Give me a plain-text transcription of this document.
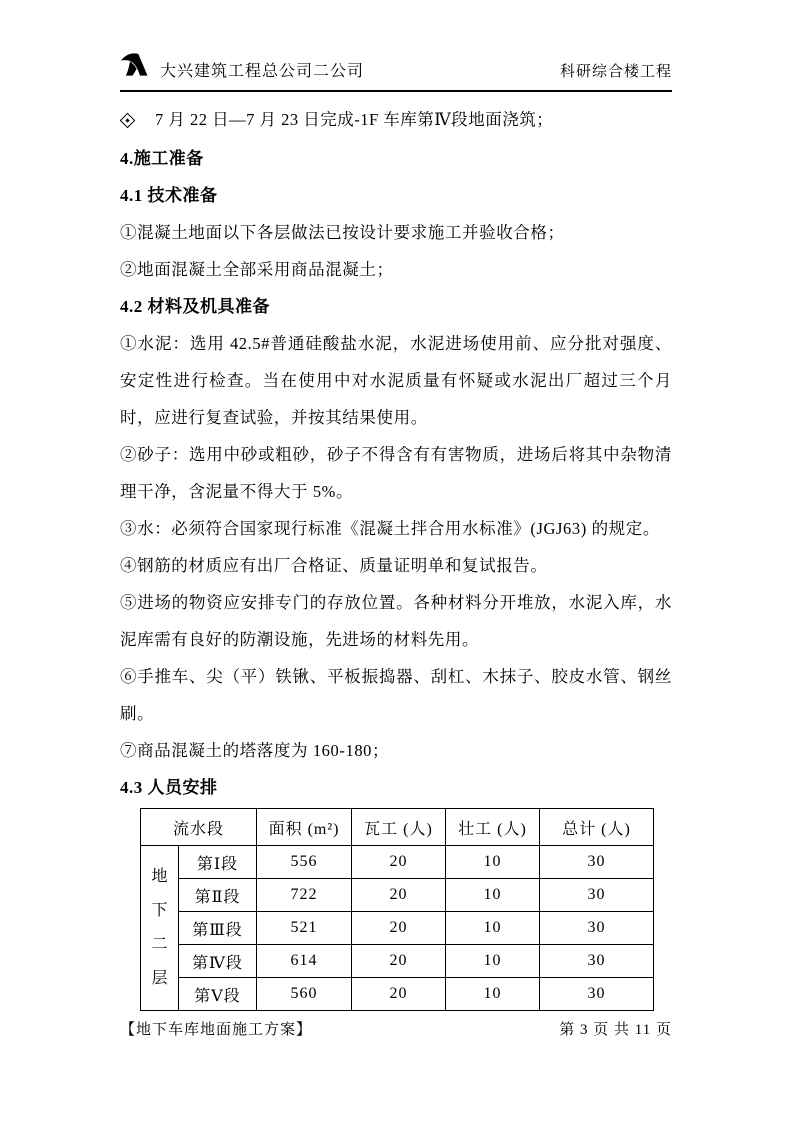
大兴建筑工程总公司二公司	科研综合楼工程
7 月 22 日—7 月 23 日完成-1F 车库第Ⅳ段地面浇筑；
4.施工准备
4.1 技术准备

①混凝土地面以下各层做法已按设计要求施工并验收合格；

②地面混凝土全部采用商品混凝土；

4.2 材料及机具准备

①水泥：选用 42.5#普通硅酸盐水泥，水泥进场使用前、应分批对强度、安定性进行检查。当在使用中对水泥质量有怀疑或水泥出厂超过三个月时，应进行复查试验，并按其结果使用。

②砂子：选用中砂或粗砂，砂子不得含有有害物质，进场后将其中杂物清理干净，含泥量不得大于 5%。

③水：必须符合国家现行标准《混凝土拌合用水标准》(JGJ63) 的规定。

④钢筋的材质应有出厂合格证、质量证明单和复试报告。

⑤进场的物资应安排专门的存放位置。各种材料分开堆放，水泥入库，水泥库需有良好的防潮设施，先进场的材料先用。

⑥手推车、尖（平）铁锹、平板振捣器、刮杠、木抹子、胶皮水管、钢丝刷。

⑦商品混凝土的塔落度为 160-180；

4.3 人员安排
流水段		面积 (m²)	瓦工 (人)	壮工 (人)	总计 (人)

地下二层	第Ⅰ段	556	20	10	30
	第Ⅱ段	722	20	10	30
	第Ⅲ段	521	20	10	30
	第Ⅳ段	614	20	10	30
	第Ⅴ段	560	20	10	30
【地下车库地面施工方案】	第 3 页 共 11 页
